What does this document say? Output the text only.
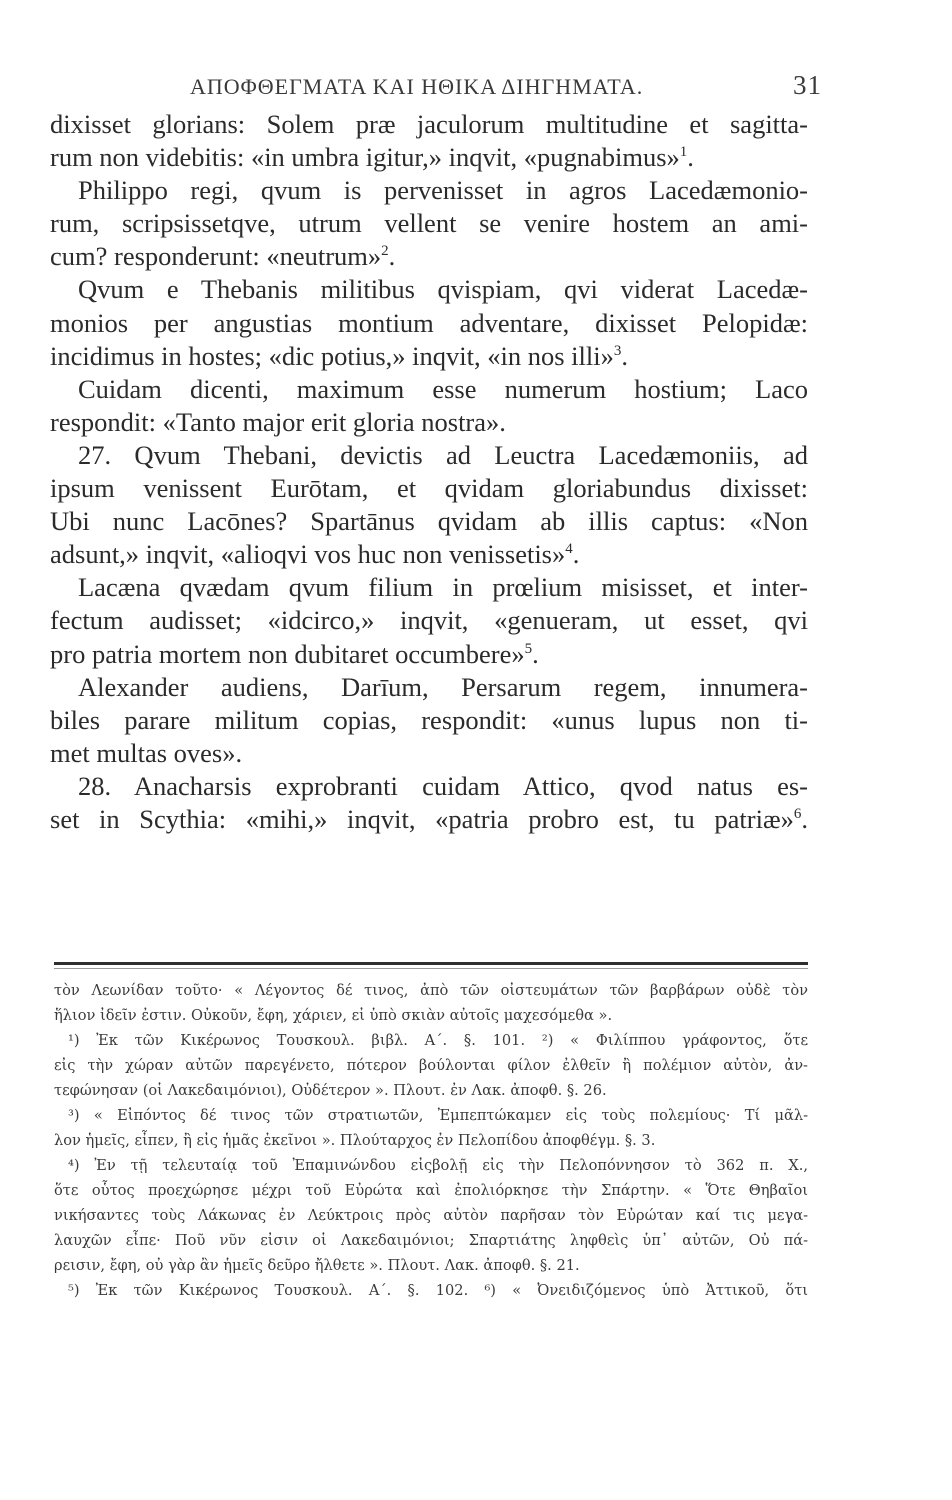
ΑΠΟΦΘΕΓΜΑΤΑ ΚΑΙ ΗΘΙΚΑ ΔΙΗΓΗΜΑΤΑ.	31

dixisset glorians: Solem præ jaculorum multitudine et sagitta-
rum non videbitis: «in umbra igitur,» inqvit, «pugnabimus»$^1$.

Philippo regi, qvum is pervenisset in agros Lacedæmonio-
rum, scripsissetqve, utrum vellent se venire hostem an ami-
cum? responderunt: «neutrum»$^2$.

Qvum e Thebanis militibus qvispiam, qvi viderat Lacedæ-
monios per angustias montium adventare, dixisset Pelopidæ:
incidimus in hostes; «dic potius,» inqvit, «in nos illi»$^3$.

Cuidam dicenti, maximum esse numerum hostium; Laco
respondit: «Tanto major erit gloria nostra».

27. Qvum Thebani, devictis ad Leuctra Lacedæmoniis, ad
ipsum venissent Eurōtam, et qvidam gloriabundus dixisset:
Ubi nunc Lacōnes? Spartānus qvidam ab illis captus: «Non
adsunt,» inqvit, «alioqvi vos huc non venissetis»$^4$.

Lacæna qvædam qvum filium in prœlium misisset, et inter-
fectum audisset; «idcirco,» inqvit, «genueram, ut esset, qvi
pro patria mortem non dubitaret occumbere»$^5$.

Alexander audiens, Darīum, Persarum regem, innumera-
biles parare militum copias, respondit: «unus lupus non ti-
met multas oves».

28. Anacharsis exprobranti cuidam Attico, qvod natus es-
set in Scythia: «mihi,» inqvit, «patria probro est, tu patriæ»$^6$.

τὸν Λεωνίδαν τοῦτο· « Λέγοντος δέ τινος, ἀπὸ τῶν οἰστευμάτων τῶν βαρβάρων οὐδὲ τὸν
ἥλιον ἰδεῖν ἐστιν. Οὐκοῦν, ἔφη, χάριεν, εἰ ὑπὸ σκιὰν αὐτοῖς μαχεσόμεθα ».
¹) Ἐκ τῶν Κικέρωνος Τουσκουλ. βιβλ. Α΄. §. 101. ²) « Φιλίππου γράφοντος, ὅτε
εἰς τὴν χώραν αὐτῶν παρεγένετο, πότερον βούλονται φίλον ἐλθεῖν ἢ πολέμιον αὐτὸν, ἀν-
τεφώνησαν (οἱ Λακεδαιμόνιοι), Οὐδέτερον ». Πλουτ. ἐν Λακ. ἀποφθ. §. 26.
³) « Εἰπόντος δέ τινος τῶν στρατιωτῶν, Ἐμπεπτώκαμεν εἰς τοὺς πολεμίους· Τί μᾶλ-
λον ἡμεῖς, εἶπεν, ἢ εἰς ἡμᾶς ἐκεῖνοι ». Πλούταρχος ἐν Πελοπίδου ἀποφθέγμ. §. 3.
⁴) Ἐν τῇ τελευταίᾳ τοῦ Ἐπαμινώνδου εἰςβολῇ εἰς τὴν Πελοπόννησον τὸ 362 π. Χ.,
ὅτε οὗτος προεχώρησε μέχρι τοῦ Εὐρώτα καὶ ἐπολιόρκησε τὴν Σπάρτην. « Ὅτε Θηβαῖοι
νικήσαντες τοὺς Λάκωνας ἐν Λεύκτροις πρὸς αὐτὸν παρῆσαν τὸν Εὐρώταν καί τις μεγα-
λαυχῶν εἶπε· Ποῦ νῦν εἰσιν οἱ Λακεδαιμόνιοι; Σπαρτιάτης ληφθεὶς ὑπ᾽ αὐτῶν, Οὐ πά-
ρεισιν, ἔφη, οὐ γὰρ ἂν ἡμεῖς δεῦρο ἤλθετε ». Πλουτ. Λακ. ἀποφθ. §. 21.
⁵) Ἐκ τῶν Κικέρωνος Τουσκουλ. Α΄. §. 102. ⁶) « Ὀνειδιζόμενος ὑπὸ Ἀττικοῦ, ὅτι
